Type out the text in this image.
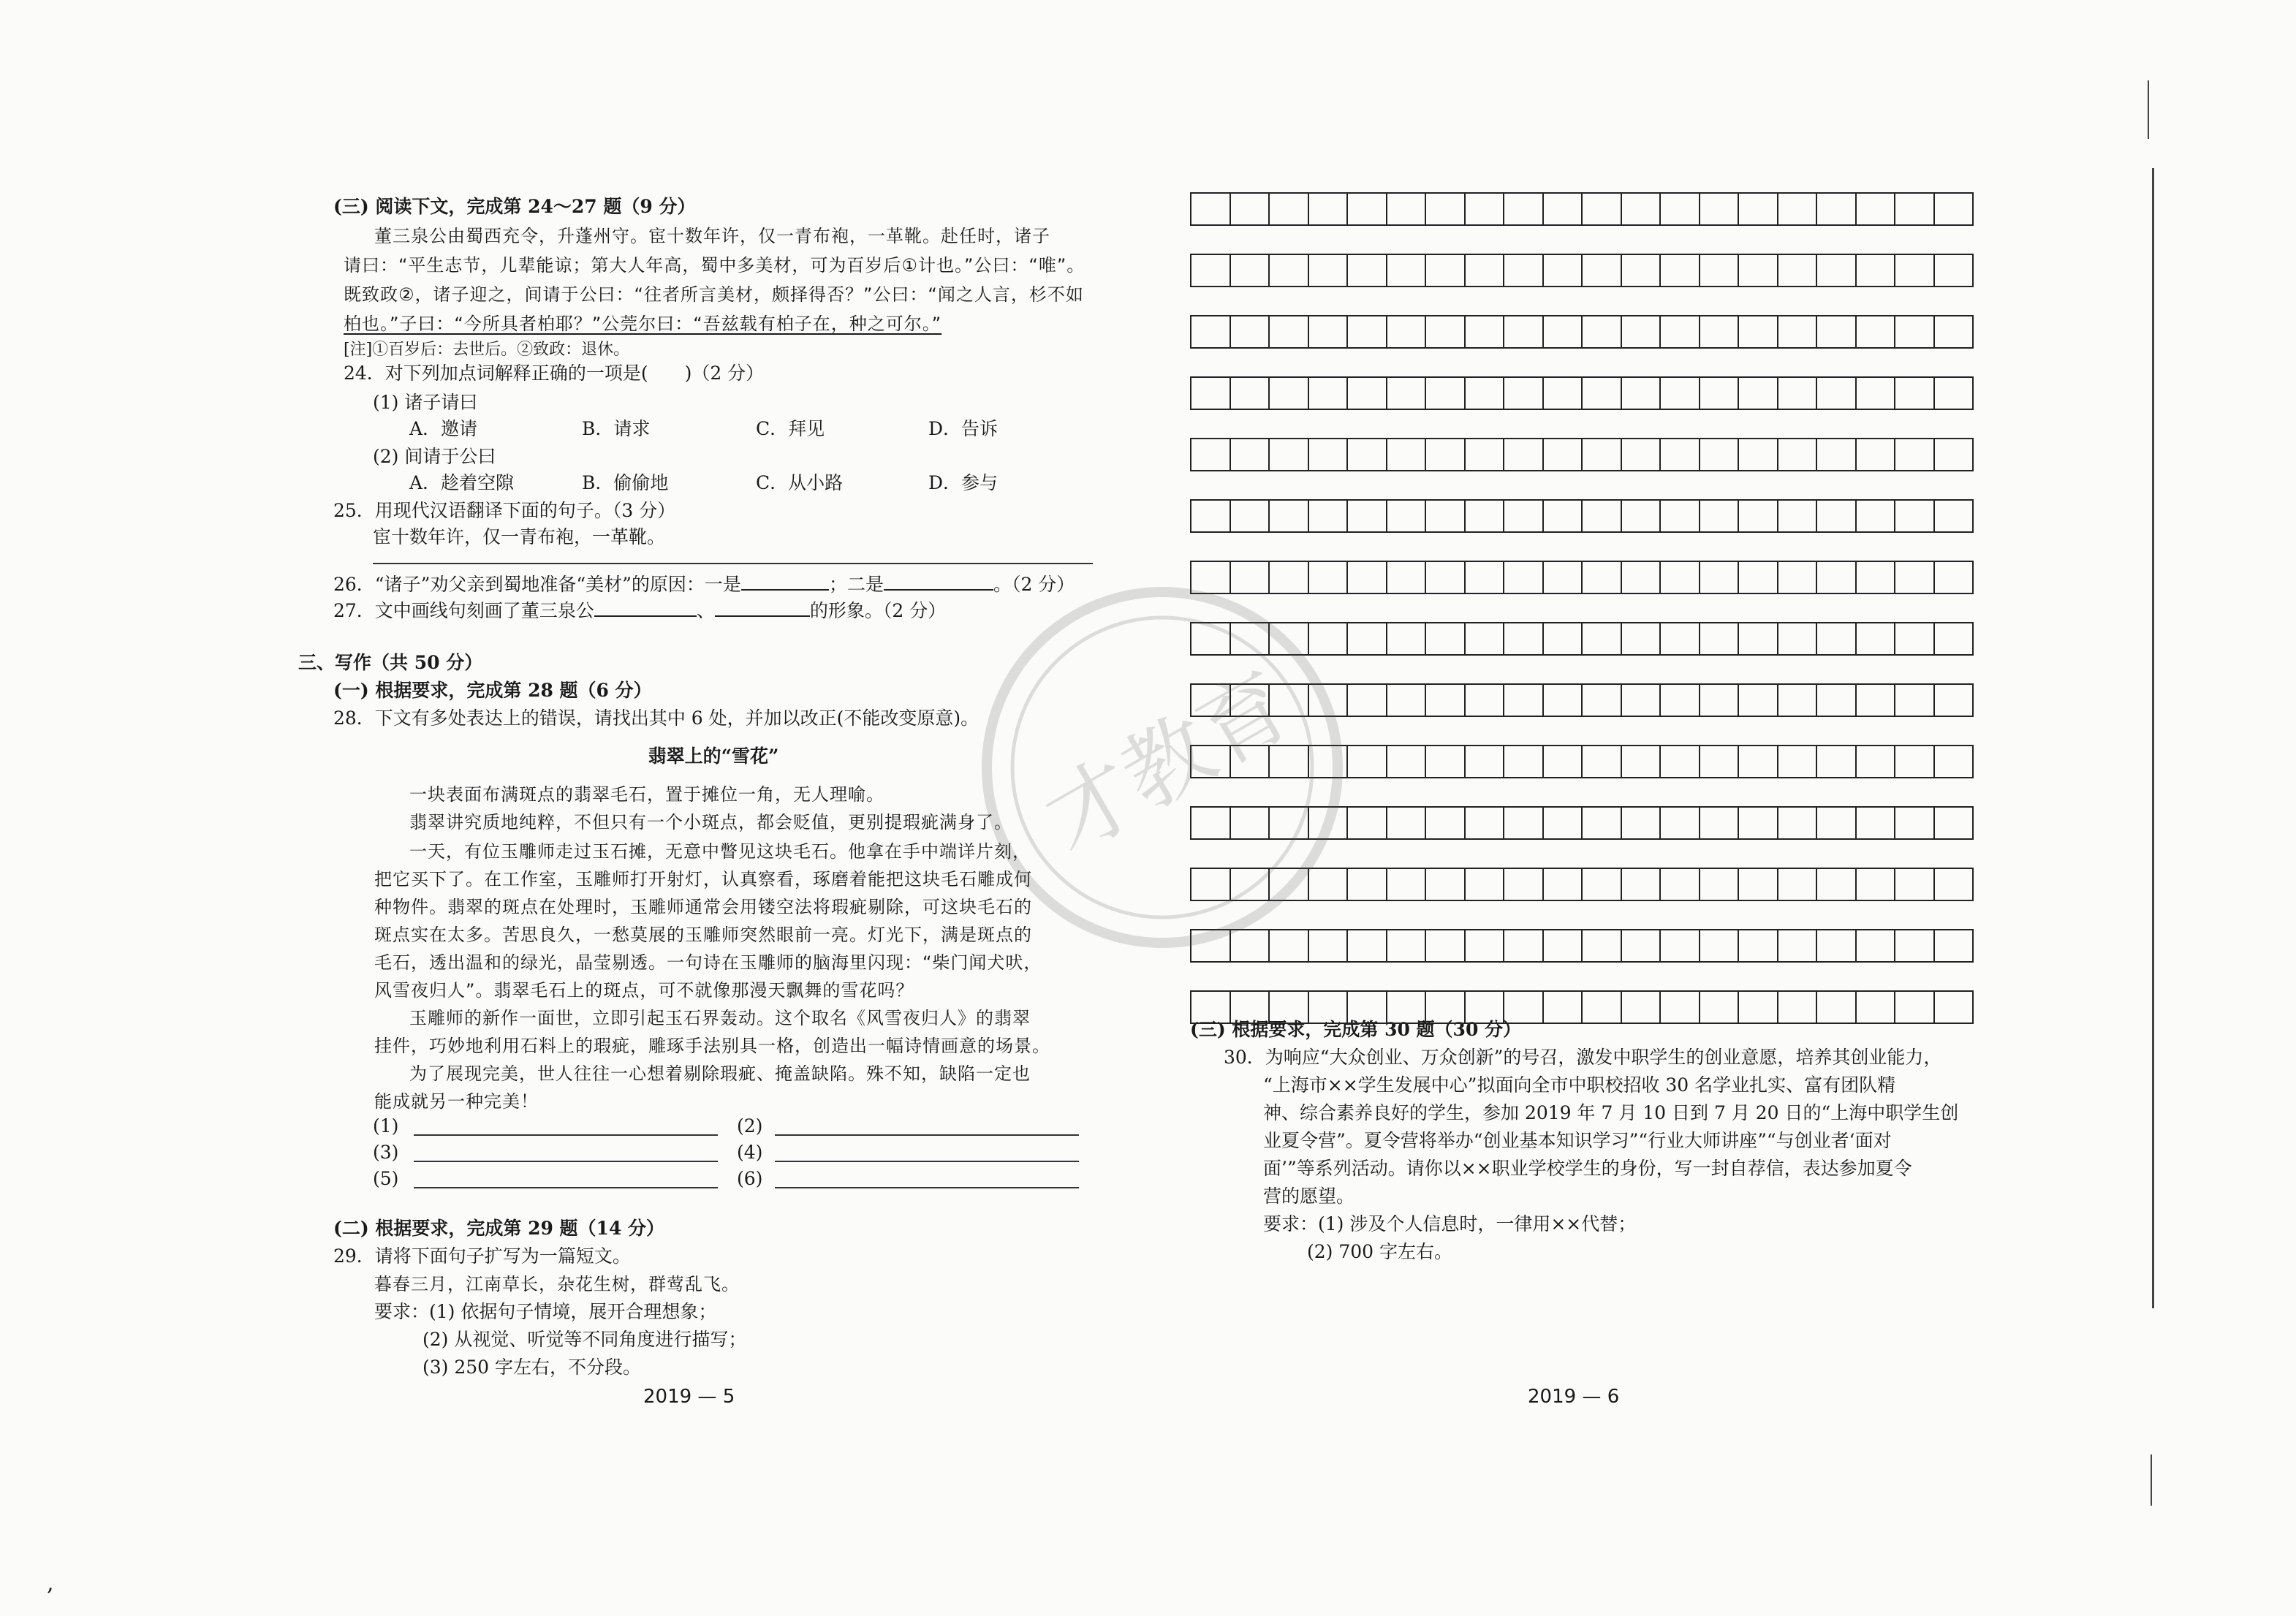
(三) 阅读下文，完成第 24～27 题（9 分）
董三泉公由蜀西充令，升蓬州守。宦十数年许，仅一青布袍，一革靴。赴任时，诸子
请曰：“平生志节，儿辈能谅；第大人年高，蜀中多美材，可为百岁后①计也。”公曰：“唯”。
既致政②，诸子迎之，间请于公曰：“往者所言美材，颇择得否？”公曰：“闻之人言，杉不如
柏也。”子曰：“今所具者柏耶？”公莞尔曰：“吾兹载有柏子在，种之可尔。”
[注]①百岁后：去世后。②致政：退休。
24．对下列加点词解释正确的一项是(　　)（2 分）
(1) 诸子请曰
A．邀请	B．请求	C．拜见	D．告诉
(2) 间请于公曰
A．趁着空隙	B．偷偷地	C．从小路	D．参与
25．用现代汉语翻译下面的句子。（3 分）
宦十数年许，仅一青布袍，一革靴。
26．“诸子”劝父亲到蜀地准备“美材”的原因：一是	；二是	。（2 分）
27．文中画线句刻画了董三泉公	、	的形象。（2 分）
三、写作（共 50 分）
(一) 根据要求，完成第 28 题（6 分）
28．下文有多处表达上的错误，请找出其中 6 处，并加以改正(不能改变原意)。
翡翠上的“雪花”
一块表面布满斑点的翡翠毛石，置于摊位一角，无人理喻。
翡翠讲究质地纯粹，不但只有一个小斑点，都会贬值，更别提瑕疵满身了。
一天，有位玉雕师走过玉石摊，无意中瞥见这块毛石。他拿在手中端详片刻，
把它买下了。在工作室，玉雕师打开射灯，认真察看，琢磨着能把这块毛石雕成何
种物件。翡翠的斑点在处理时，玉雕师通常会用镂空法将瑕疵剔除，可这块毛石的
斑点实在太多。苦思良久，一愁莫展的玉雕师突然眼前一亮。灯光下，满是斑点的
毛石，透出温和的绿光，晶莹剔透。一句诗在玉雕师的脑海里闪现：“柴门闻犬吠，
风雪夜归人”。翡翠毛石上的斑点，可不就像那漫天飘舞的雪花吗？
玉雕师的新作一面世，立即引起玉石界轰动。这个取名《风雪夜归人》的翡翠
挂件，巧妙地利用石料上的瑕疵，雕琢手法别具一格，创造出一幅诗情画意的场景。
为了展现完美，世人往往一心想着剔除瑕疵、掩盖缺陷。殊不知，缺陷一定也
能成就另一种完美！
(1)	(2)
(3)	(4)
(5)	(6)
(二) 根据要求，完成第 29 题（14 分）
29．请将下面句子扩写为一篇短文。
暮春三月，江南草长，杂花生树，群莺乱飞。
要求：(1) 依据句子情境，展开合理想象；
(2) 从视觉、听觉等不同角度进行描写；
(3) 250 字左右，不分段。
2019 — 5
,
(三) 根据要求，完成第 30 题（30 分）
30．为响应“大众创业、万众创新”的号召，激发中职学生的创业意愿，培养其创业能力，
“上海市××学生发展中心”拟面向全市中职校招收 30 名学业扎实、富有团队精
神、综合素养良好的学生，参加 2019 年 7 月 10 日到 7 月 20 日的“上海中职学生创
业夏令营”。夏令营将举办“创业基本知识学习”“行业大师讲座”“与创业者‘面对
面’”等系列活动。请你以××职业学校学生的身份，写一封自荐信，表达参加夏令
营的愿望。
要求：(1) 涉及个人信息时，一律用××代替；
(2) 700 字左右。
2019 — 6
才教育
